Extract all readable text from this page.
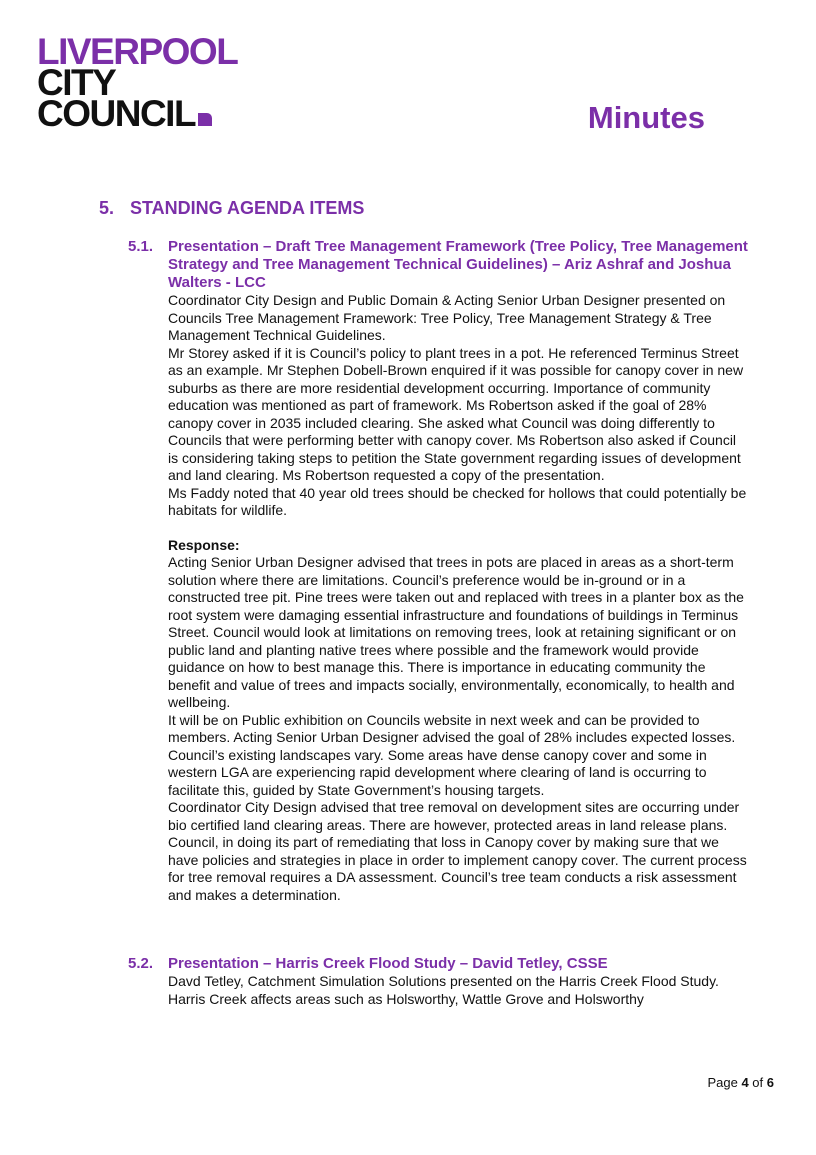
LIVERPOOL
CITY
COUNCIL	Minutes
5. STANDING AGENDA ITEMS
5.1. Presentation – Draft Tree Management Framework (Tree Policy, Tree Management Strategy and Tree Management Technical Guidelines) – Ariz Ashraf and Joshua Walters - LCC

Coordinator City Design and Public Domain & Acting Senior Urban Designer presented on Councils Tree Management Framework: Tree Policy, Tree Management Strategy & Tree Management Technical Guidelines.

Mr Storey asked if it is Council’s policy to plant trees in a pot. He referenced Terminus Street as an example. Mr Stephen Dobell-Brown enquired if it was possible for canopy cover in new suburbs as there are more residential development occurring. Importance of community education was mentioned as part of framework. Ms Robertson asked if the goal of 28% canopy cover in 2035 included clearing. She asked what Council was doing differently to Councils that were performing better with canopy cover. Ms Robertson also asked if Council is considering taking steps to petition the State government regarding issues of development and land clearing. Ms Robertson requested a copy of the presentation.

Ms Faddy noted that 40 year old trees should be checked for hollows that could potentially be habitats for wildlife.

Response:

Acting Senior Urban Designer advised that trees in pots are placed in areas as a short-term solution where there are limitations. Council’s preference would be in-ground or in a constructed tree pit. Pine trees were taken out and replaced with trees in a planter box as the root system were damaging essential infrastructure and foundations of buildings in Terminus Street. Council would look at limitations on removing trees, look at retaining significant or on public land and planting native trees where possible and the framework would provide guidance on how to best manage this. There is importance in educating community the benefit and value of trees and impacts socially, environmentally, economically, to health and wellbeing.

It will be on Public exhibition on Councils website in next week and can be provided to members. Acting Senior Urban Designer advised the goal of 28% includes expected losses. Council’s existing landscapes vary. Some areas have dense canopy cover and some in western LGA are experiencing rapid development where clearing of land is occurring to facilitate this, guided by State Government’s housing targets.

Coordinator City Design advised that tree removal on development sites are occurring under bio certified land clearing areas. There are however, protected areas in land release plans. Council, in doing its part of remediating that loss in Canopy cover by making sure that we have policies and strategies in place in order to implement canopy cover. The current process for tree removal requires a DA assessment. Council’s tree team conducts a risk assessment and makes a determination.

5.2. Presentation – Harris Creek Flood Study – David Tetley, CSSE

Davd Tetley, Catchment Simulation Solutions presented on the Harris Creek Flood Study. Harris Creek affects areas such as Holsworthy, Wattle Grove and Holsworthy

Page 4 of 6
